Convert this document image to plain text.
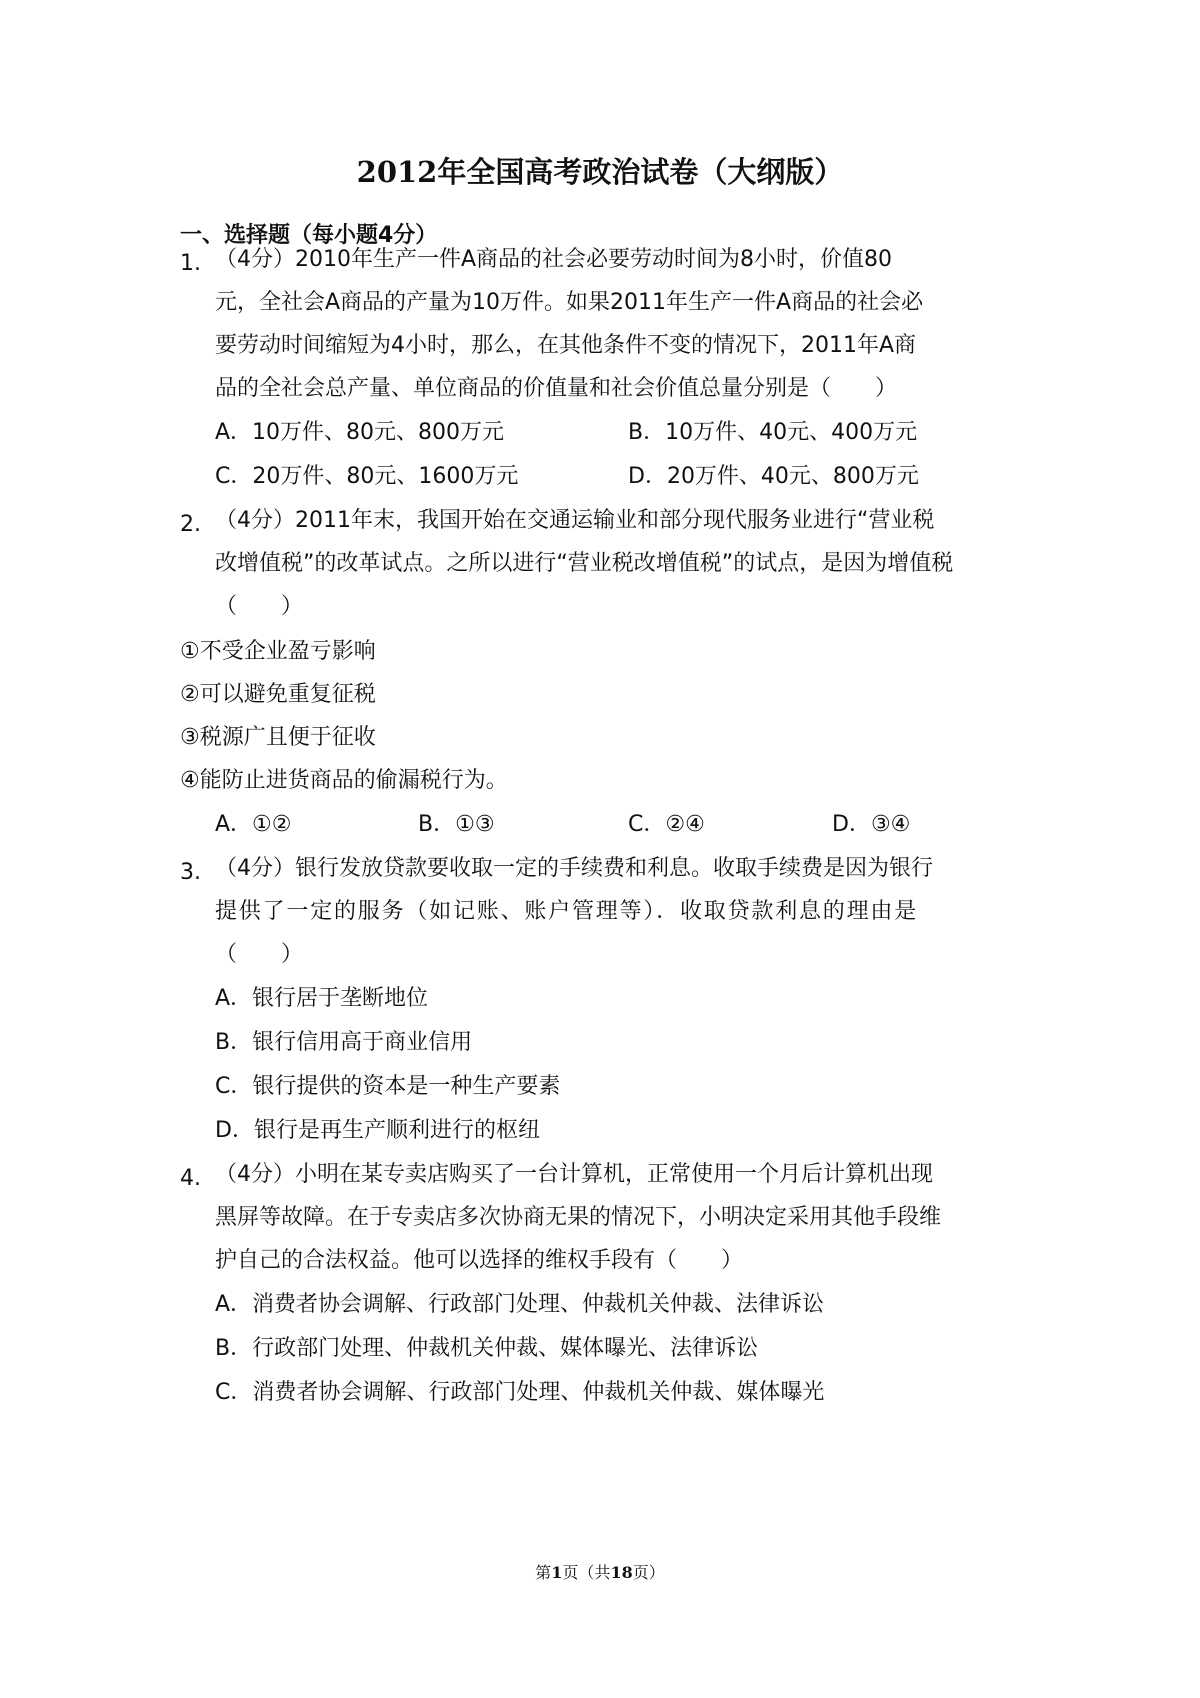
2012年全国高考政治试卷（大纲版）
一、选择题（每小题4分）
1. （4分）2010年生产一件A商品的社会必要劳动时间为8小时，价值80
元，全社会A商品的产量为10万件。如果2011年生产一件A商品的社会必
要劳动时间缩短为4小时，那么，在其他条件不变的情况下，2011年A商
品的全社会总产量、单位商品的价值量和社会价值总量分别是（　　）
A．10万件、80元、800万元	B．10万件、40元、400万元
C．20万件、80元、1600万元	D．20万件、40元、800万元
2. （4分）2011年末，我国开始在交通运输业和部分现代服务业进行“营业税
改增值税”的改革试点。之所以进行“营业税改增值税”的试点，是因为增值税
（　　）
①不受企业盈亏影响
②可以避免重复征税
③税源广且便于征收
④能防止进货商品的偷漏税行为。
A．①②	B．①③	C．②④	D．③④
3. （4分）银行发放贷款要收取一定的手续费和利息。收取手续费是因为银行
提供了一定的服务（如记账、账户管理等）．收取贷款利息的理由是
（　　）
A．银行居于垄断地位
B．银行信用高于商业信用
C．银行提供的资本是一种生产要素
D．银行是再生产顺利进行的枢纽
4. （4分）小明在某专卖店购买了一台计算机，正常使用一个月后计算机出现
黑屏等故障。在于专卖店多次协商无果的情况下，小明决定采用其他手段维
护自己的合法权益。他可以选择的维权手段有（　　）
A．消费者协会调解、行政部门处理、仲裁机关仲裁、法律诉讼
B．行政部门处理、仲裁机关仲裁、媒体曝光、法律诉讼
C．消费者协会调解、行政部门处理、仲裁机关仲裁、媒体曝光
第1页（共18页）
